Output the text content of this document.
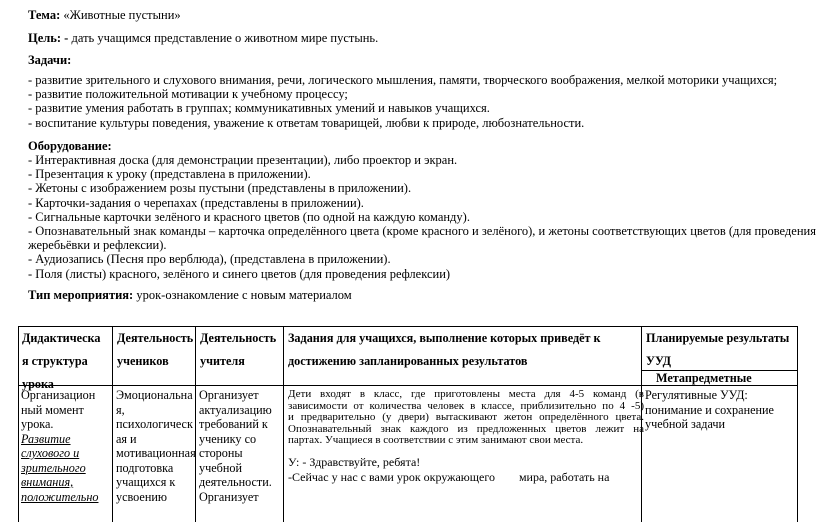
Тема: «Животные пустыни»
Цель: - дать учащимся представление о животном мире пустынь.
Задачи:
- развитие зрительного и слухового внимания, речи, логического мышления, памяти, творческого воображения, мелкой моторики учащихся;
- развитие положительной мотивации к учебному процессу;
- развитие умения работать в группах; коммуникативных умений и навыков учащихся.
- воспитание культуры поведения, уважение к ответам товарищей, любви к природе, любознательности.
Оборудование:
- Интерактивная доска (для демонстрации презентации), либо проектор и экран.
- Презентация к уроку (представлена в приложении).
- Жетоны с изображением розы пустыни (представлены в приложении).
- Карточки-задания о черепахах (представлены в приложении).
- Сигнальные карточки зелёного и красного цветов (по одной на каждую команду).
- Опознавательный знак команды – карточка определённого цвета (кроме красного и зелёного), и жетоны соответствующих цветов (для проведения
жеребьёвки и рефлексии).
- Аудиозапись (Песня про верблюда), (представлена в приложении).
- Поля (листы) красного, зелёного и синего цветов (для проведения рефлексии)
Тип мероприятия: урок-ознакомление с новым материалом
Дидактическа
я структура
урока
Деятельность
учеников
Деятельность
учителя
Задания для учащихся, выполнение которых приведёт к
достижению запланированных результатов
Планируемые результаты
УУД
Метапредметные
Организацион
ный момент
урока.
Развитие
слухового и
зрительного
внимания,
положительно
Эмоциональна
я,
психологическ
ая и
мотивационная
подготовка
учащихся к
усвоению
Организует
актуализацию
требований к
ученику со
стороны
учебной
деятельности.
Организует
Дети входят в класс, где приготовлены места для 4-5 команд (в
зависимости от количества человек в классе, приблизительно по 4 -5)
и предварительно (у двери) вытаскивают жетон определённого цвета.
Опознавательный знак каждого из предложенных цветов лежит на
партах. Учащиеся в соответствии с этим занимают свои места.
У: - Здравствуйте, ребята!
-Сейчас у нас с вами урок окружающего        мира, работать на
Регулятивные УУД:
понимание и сохранение
учебной задачи
